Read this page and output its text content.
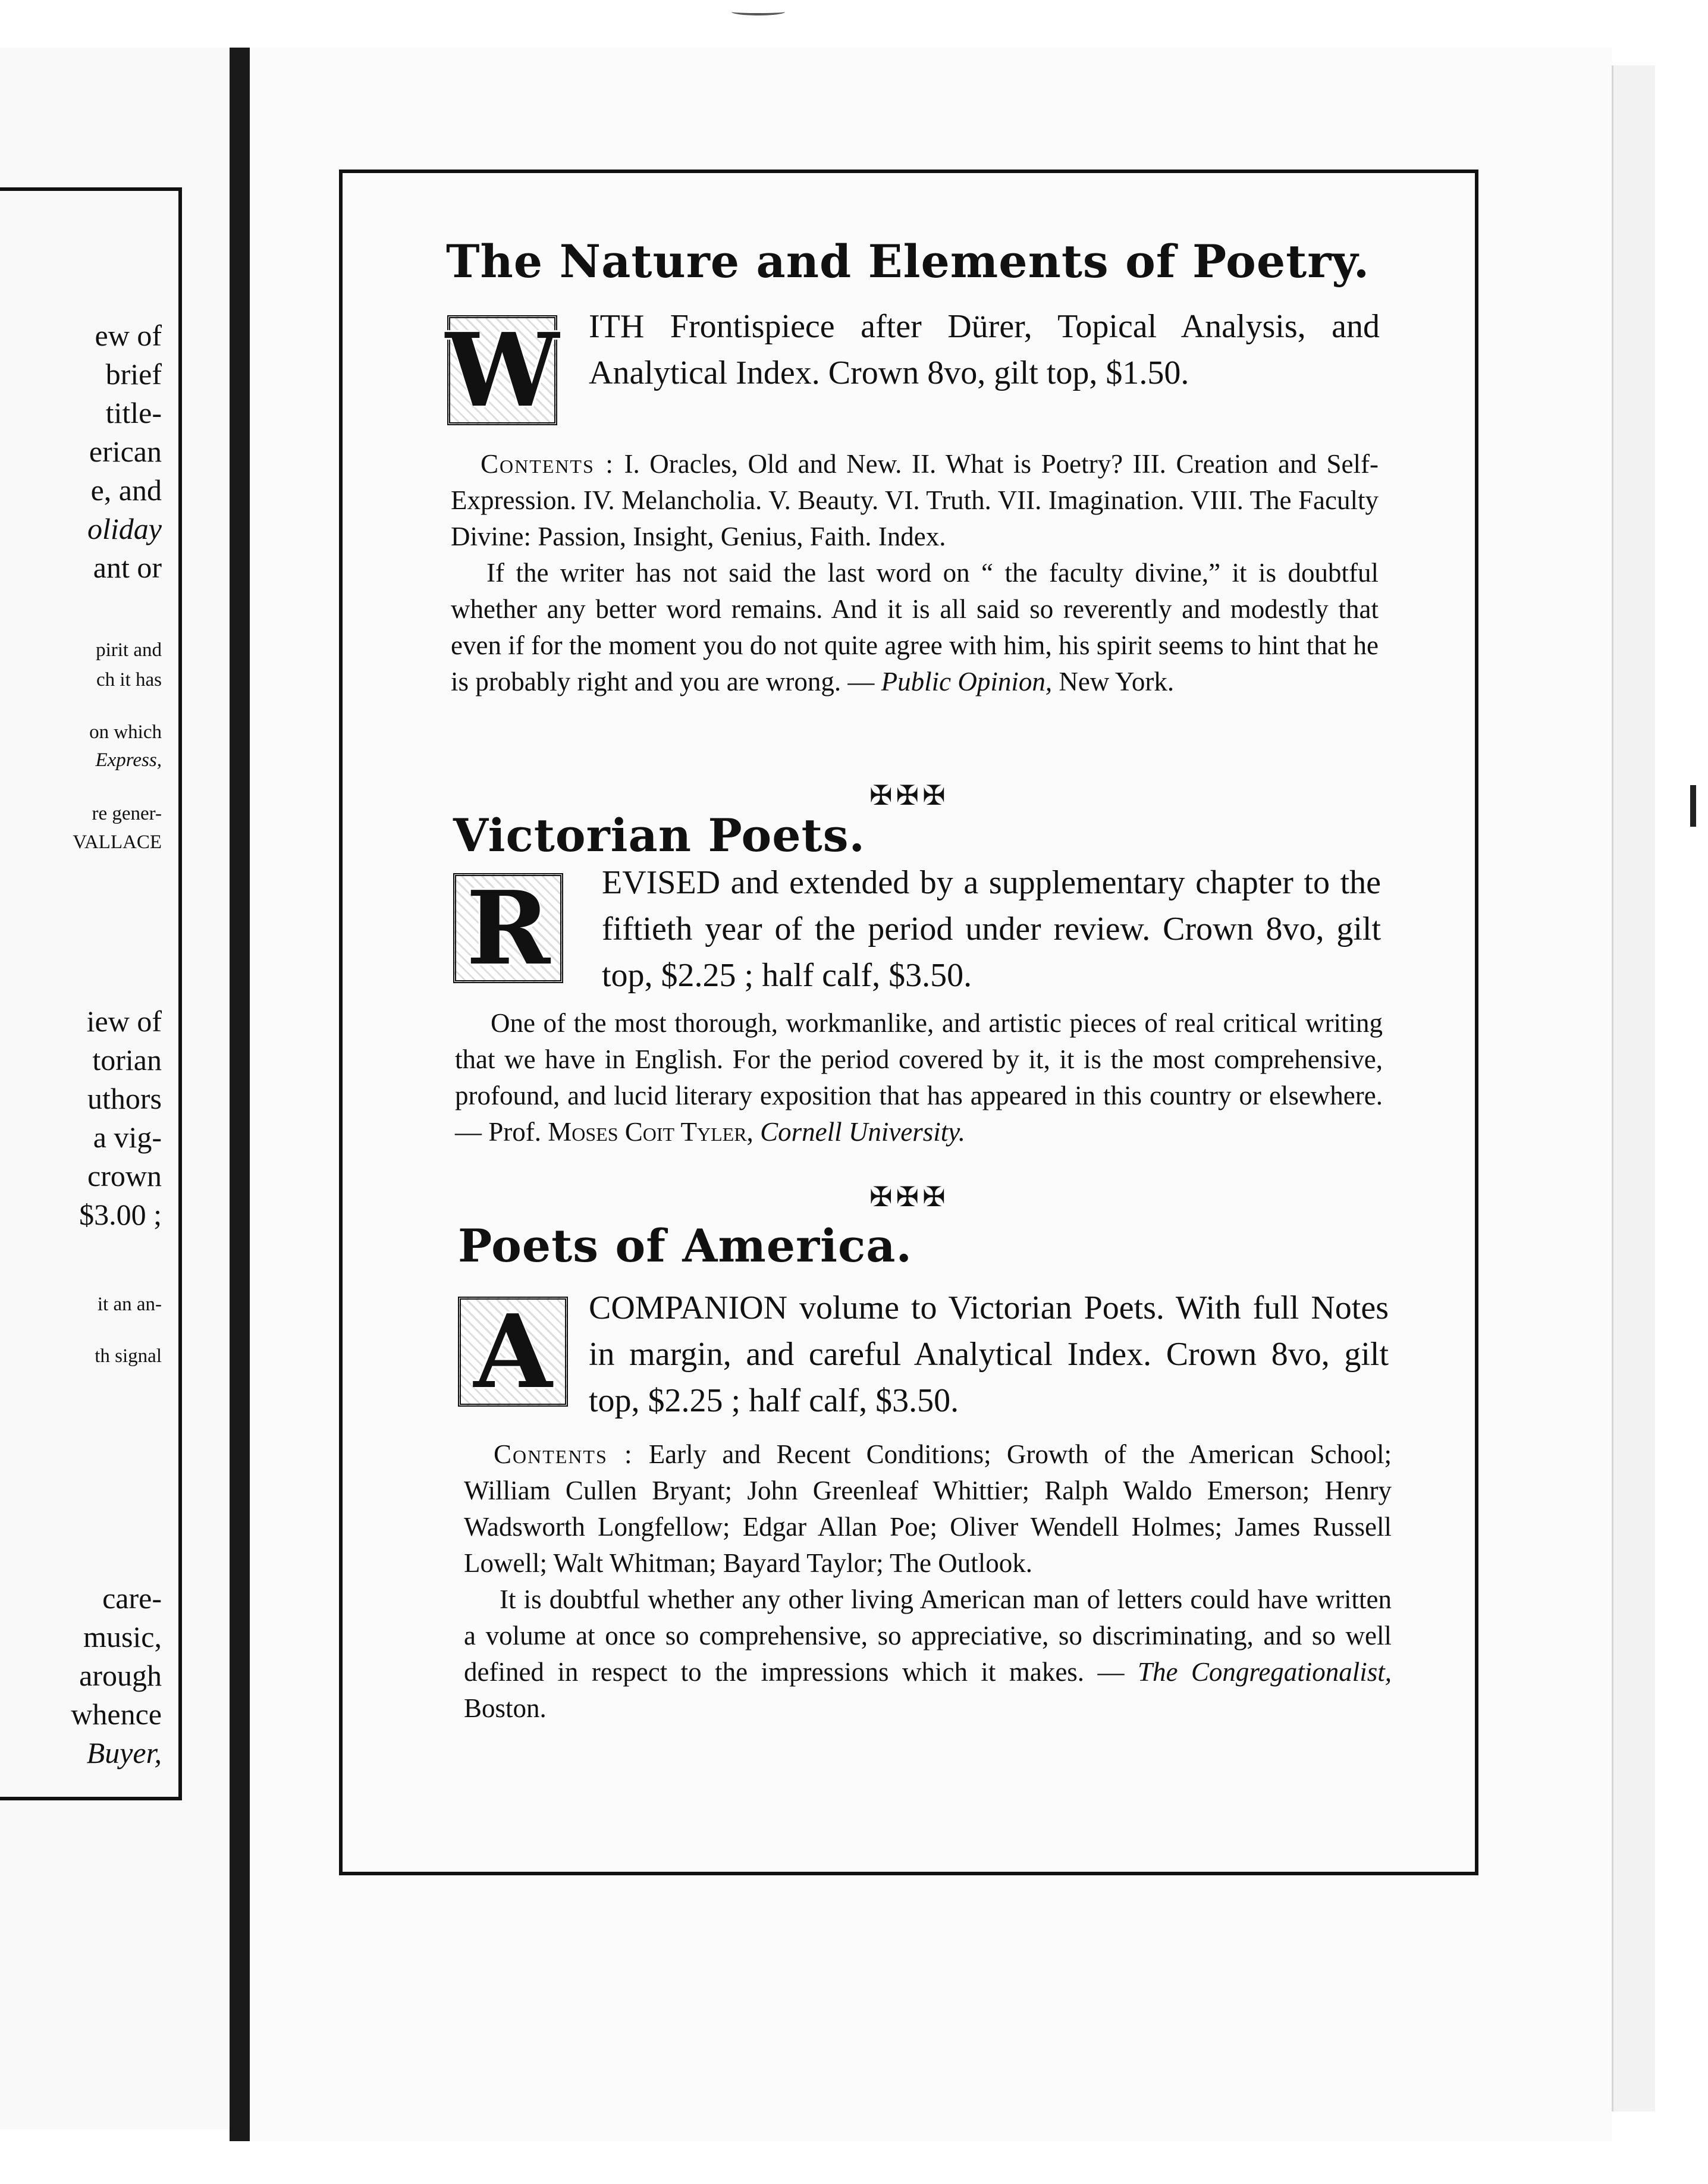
ew of
brief
title-
erican
e, and
oliday
ant or
pirit and
ch it has
on which
Express,
re gener-
VALLACE
iew of
torian
uthors
a vig-
crown
$3.00 ;
it an an-
th signal
care-
music,
arough
whence
Buyer,
The Nature and Elements of Poetry.
W ITH Frontispiece after Dürer, Topical Analysis, and Analytical Index. Crown 8vo, gilt top, $1.50.

Contents : I. Oracles, Old and New. II. What is Poetry? III. Creation and Self-Expression. IV. Melancholia. V. Beauty. VI. Truth. VII. Imagination. VIII. The Faculty Divine: Passion, Insight, Genius, Faith. Index.

If the writer has not said the last word on “ the faculty divine,” it is doubtful whether any better word remains. And it is all said so reverently and modestly that even if for the moment you do not quite agree with him, his spirit seems to hint that he is probably right and you are wrong. — Public Opinion, New York.

✠✠✠
Victorian Poets.
R EVISED and extended by a supplementary chapter to the fiftieth year of the period under review. Crown 8vo, gilt top, $2.25 ; half calf, $3.50.

One of the most thorough, workmanlike, and artistic pieces of real critical writing that we have in English. For the period covered by it, it is the most comprehensive, profound, and lucid literary exposition that has appeared in this country or elsewhere. — Prof. Moses Coit Tyler, Cornell University.

✠✠✠
Poets of America.
A COMPANION volume to Victorian Poets. With full Notes in margin, and careful Analytical Index. Crown 8vo, gilt top, $2.25 ; half calf, $3.50.

Contents : Early and Recent Conditions; Growth of the American School; William Cullen Bryant; John Greenleaf Whittier; Ralph Waldo Emerson; Henry Wadsworth Longfellow; Edgar Allan Poe; Oliver Wendell Holmes; James Russell Lowell; Walt Whitman; Bayard Taylor; The Outlook.

It is doubtful whether any other living American man of letters could have written a volume at once so comprehensive, so appreciative, so discriminating, and so well defined in respect to the impressions which it makes. — The Congregationalist, Boston.
